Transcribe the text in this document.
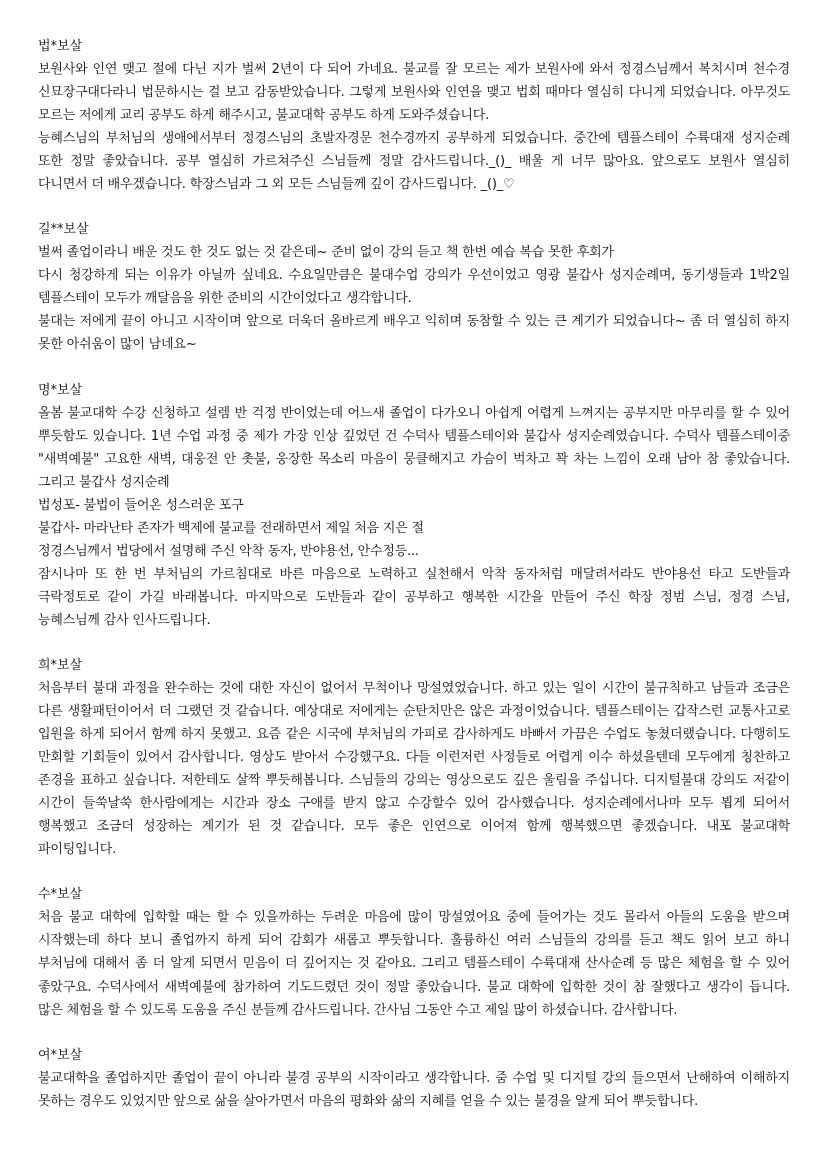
법*보살

보원사와 인연 맺고 절에 다닌 지가 벌써 2년이 다 되어 가네요. 불교를 잘 모르는 제가 보원사에 와서 정경스님께서 복치시며 천수경 신묘장구대다라니 법문하시는 걸 보고 감동받았습니다. 그렇게 보원사와 인연을 맺고 법회 때마다 열심히 다니게 되었습니다. 아무것도 모르는 저에게 교리 공부도 하게 해주시고, 불교대학 공부도 하게 도와주셨습니다.

능혜스님의 부처님의 생애에서부터 정경스님의 초발자경문 천수경까지 공부하게 되었습니다. 중간에 템플스테이 수륙대재 성지순례 또한 정말 좋았습니다. 공부 열심히 가르쳐주신 스님들께 정말 감사드립니다._()_ 배울 게 너무 많아요. 앞으로도 보원사 열심히 다니면서 더 배우겠습니다. 학장스님과 그 외 모든 스님들께 깊이 감사드립니다. _()_♡

길**보살

벌써 졸업이라니 배운 것도 한 것도 없는 것 같은데~ 준비 없이 강의 듣고 책 한번 예습 복습 못한 후회가

다시 청강하게 되는 이유가 아닐까 싶네요. 수요일만큼은 불대수업 강의가 우선이었고 영광 불갑사 성지순례며, 동기생들과 1박2일 템플스테이 모두가 깨달음을 위한 준비의 시간이었다고 생각합니다.

불대는 저에게 끝이 아니고 시작이며 앞으로 더욱더 올바르게 배우고 익히며 동참할 수 있는 큰 계기가 되었습니다~ 좀 더 열심히 하지 못한 아쉬움이 많이 남네요~

명*보살

올봄 불교대학 수강 신청하고 설렘 반 걱정 반이었는데 어느새 졸업이 다가오니 아쉽게 어렵게 느껴지는 공부지만 마무리를 할 수 있어 뿌듯함도 있습니다. 1년 수업 과정 중 제가 가장 인상 깊었던 건 수덕사 템플스테이와 불갑사 성지순례였습니다. 수덕사 템플스테이중 "새벽예불" 고요한 새벽, 대웅전 안 촛불, 웅장한 목소리 마음이 뭉클해지고 가슴이 벅차고 꽉 차는 느낌이 오래 남아 참 좋았습니다. 그리고 불갑사 성지순례

법성포- 불법이 들어온 성스러운 포구

불갑사- 마라난타 존자가 백제에 불교를 전래하면서 제일 처음 지은 절

정경스님께서 법당에서 설명해 주신 악착 동자, 반야용선, 안수정등...

잠시나마 또 한 번 부처님의 가르침대로 바른 마음으로 노력하고 실천해서 악착 동자처럼 매달려서라도 반야용선 타고 도반들과 극락정토로 같이 가길 바래봅니다. 마지막으로 도반들과 같이 공부하고 행복한 시간을 만들어 주신 학장 정범 스님, 정경 스님, 능혜스님께 감사 인사드립니다.

희*보살

처음부터 불대 과정을 완수하는 것에 대한 자신이 없어서 무척이나 망설였었습니다. 하고 있는 일이 시간이 불규칙하고 남들과 조금은 다른 생활패턴이어서 더 그랬던 것 같습니다. 예상대로 저에게는 순탄치만은 않은 과정이었습니다. 템플스테이는 갑작스런 교통사고로 입원을 하게 되어서 함께 하지 못했고. 요즘 같은 시국에 부처님의 가피로 감사하게도 바빠서 가끔은 수업도 놓쳤더랬습니다. 다행히도 만회할 기회들이 있어서 감사합니다. 영상도 받아서 수강했구요. 다들 이런저런 사정들로 어렵게 이수 하셨을텐데 모두에게 칭찬하고 존경을 표하고 싶습니다. 저한테도 살짝 뿌듯해봅니다. 스님들의 강의는 영상으로도 깊은 울림을 주십니다. 디지털불대 강의도 저같이 시간이 들쑥날쑥 한사람에게는 시간과 장소 구애를 받지 않고 수강할수 있어 감사했습니다. 성지순례에서나마 모두 뵙게 되어서 행복했고 조금더 성장하는 계기가 된 것 같습니다. 모두 좋은 인연으로 이어져 함께 행복했으면 좋겠습니다. 내포 불교대학 파이팅입니다.

수*보살

처음 불교 대학에 입학할 때는 할 수 있을까하는 두려운 마음에 많이 망설였어요 중에 들어가는 것도 몰라서 아들의 도움을 받으며 시작했는데 하다 보니 졸업까지 하게 되어 감회가 새롭고 뿌듯합니다. 훌륭하신 여러 스님들의 강의를 듣고 책도 읽어 보고 하니 부처님에 대해서 좀 더 알게 되면서 믿음이 더 깊어지는 것 같아요. 그리고 템플스테이 수륙대재 산사순례 등 많은 체험을 할 수 있어 좋았구요. 수덕사에서 새벽예불에 참가하여 기도드렸던 것이 정말 좋았습니다. 불교 대학에 입학한 것이 참 잘했다고 생각이 듭니다. 많은 체험을 할 수 있도록 도움을 주신 분들께 감사드립니다. 간사님 그동안 수고 제일 많이 하셨습니다. 감사합니다.

여*보살

불교대학을 졸업하지만 졸업이 끝이 아니라 불경 공부의 시작이라고 생각합니다. 줌 수업 및 디지털 강의 들으면서 난해하여 이해하지 못하는 경우도 있었지만 앞으로 삶을 살아가면서 마음의 평화와 삶의 지혜를 얻을 수 있는 불경을 알게 되어 뿌듯합니다.
